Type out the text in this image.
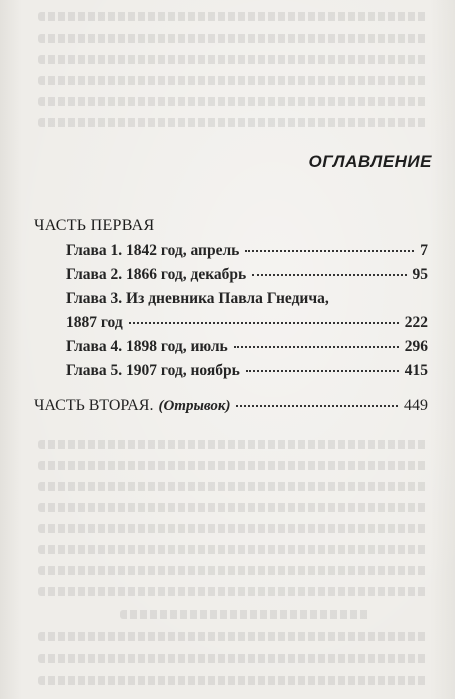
ОГЛАВЛЕНИЕ
ЧАСТЬ ПЕРВАЯ
Глава 1. 1842 год, апрель	7
Глава 2. 1866 год, декабрь	95
Глава 3. Из дневника Павла Гнедича,
1887 год	222
Глава 4. 1898 год, июль	296
Глава 5. 1907 год, ноябрь	415
ЧАСТЬ ВТОРАЯ. (Отрывок)	449
